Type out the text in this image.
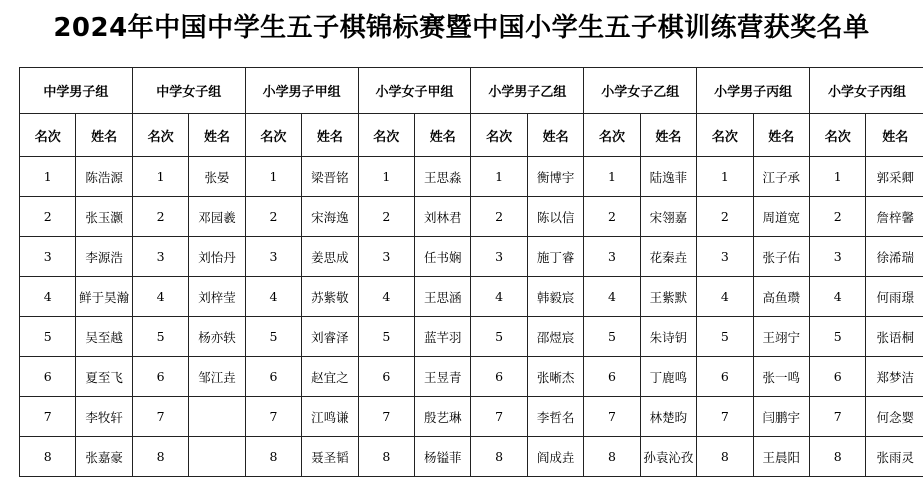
2024年中国中学生五子棋锦标赛暨中国小学生五子棋训练营获奖名单
中学男子组		中学女子组		小学男子甲组		小学女子甲组		小学男子乙组		小学女子乙组		小学男子丙组		小学女子丙组	
名次	姓名	名次	姓名	名次	姓名	名次	姓名	名次	姓名	名次	姓名	名次	姓名	名次	姓名
1	陈浩源	1	张晏	1	梁晋铭	1	王思淼	1	衡博宇	1	陆逸菲	1	江子承	1	郭采卿
2	张玉灏	2	邓园羲	2	宋海逸	2	刘林君	2	陈以信	2	宋翎嘉	2	周道宽	2	詹梓馨
3	李源浩	3	刘怡丹	3	姜思成	3	任书娴	3	施丁睿	3	花秦垚	3	张子佑	3	徐浠瑞
4	鲜于昊瀚	4	刘梓莹	4	苏紫敬	4	王思涵	4	韩毅宸	4	王紫默	4	高鱼瓒	4	何雨璟
5	吴至越	5	杨亦轶	5	刘睿泽	5	蓝芊羽	5	邵煜宸	5	朱诗钥	5	王翊宁	5	张语桐
6	夏至飞	6	邹江垚	6	赵宜之	6	王昱青	6	张晰杰	6	丁鹿鸣	6	张一鸣	6	郑梦洁
7	李牧轩	7		7	江鸣谦	7	殷艺琳	7	李哲名	7	林楚昀	7	闫鹏宇	7	何念婴
8	张嘉豪	8		8	聂圣韬	8	杨镒菲	8	阎成垚	8	孙袁沁孜	8	王晨阳	8	张雨灵
